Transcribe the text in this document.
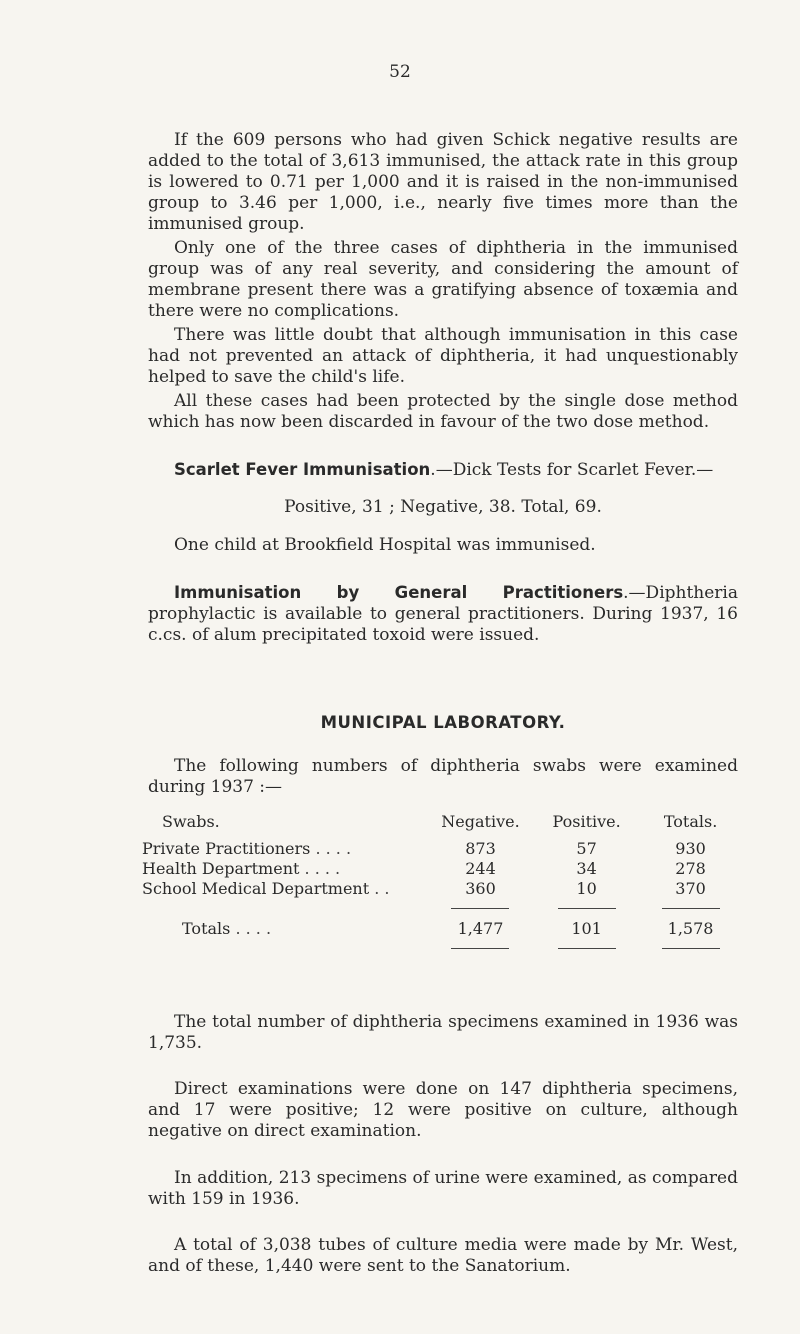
52
If the 609 persons who had given Schick negative results are added to the total of 3,613 immunised, the attack rate in this group is lowered to 0.71 per 1,000 and it is raised in the non-immunised group to 3.46 per 1,000, i.e., nearly five times more than the immunised group.
Only one of the three cases of diphtheria in the immunised group was of any real severity, and considering the amount of membrane present there was a gratifying absence of toxæmia and there were no complications.
There was little doubt that although immunisation in this case had not prevented an attack of diphtheria, it had unquestionably helped to save the child's life.
All these cases had been protected by the single dose method which has now been discarded in favour of the two dose method.
Scarlet Fever Immunisation.—Dick Tests for Scarlet Fever.—
Positive, 31 ; Negative, 38. Total, 69.
One child at Brookfield Hospital was immunised.
Immunisation by General Practitioners.—Diphtheria prophylactic is available to general practitioners. During 1937, 16 c.cs. of alum precipitated toxoid were issued.
MUNICIPAL LABORATORY.
The following numbers of diphtheria swabs were examined during 1937 :—
Swabs.	Negative.	Positive.	Totals.
Private Practitioners . . . .	873	57	930
Health Department . . . .	244	34	278
School Medical Department . .	360	10	370

Totals . . . .	1,477	101	1,578

The total number of diphtheria specimens examined in 1936 was 1,735.
Direct examinations were done on 147 diphtheria specimens, and 17 were positive; 12 were positive on culture, although negative on direct examination.
In addition, 213 specimens of urine were examined, as compared with 159 in 1936.
A total of 3,038 tubes of culture media were made by Mr. West, and of these, 1,440 were sent to the Sanatorium.
